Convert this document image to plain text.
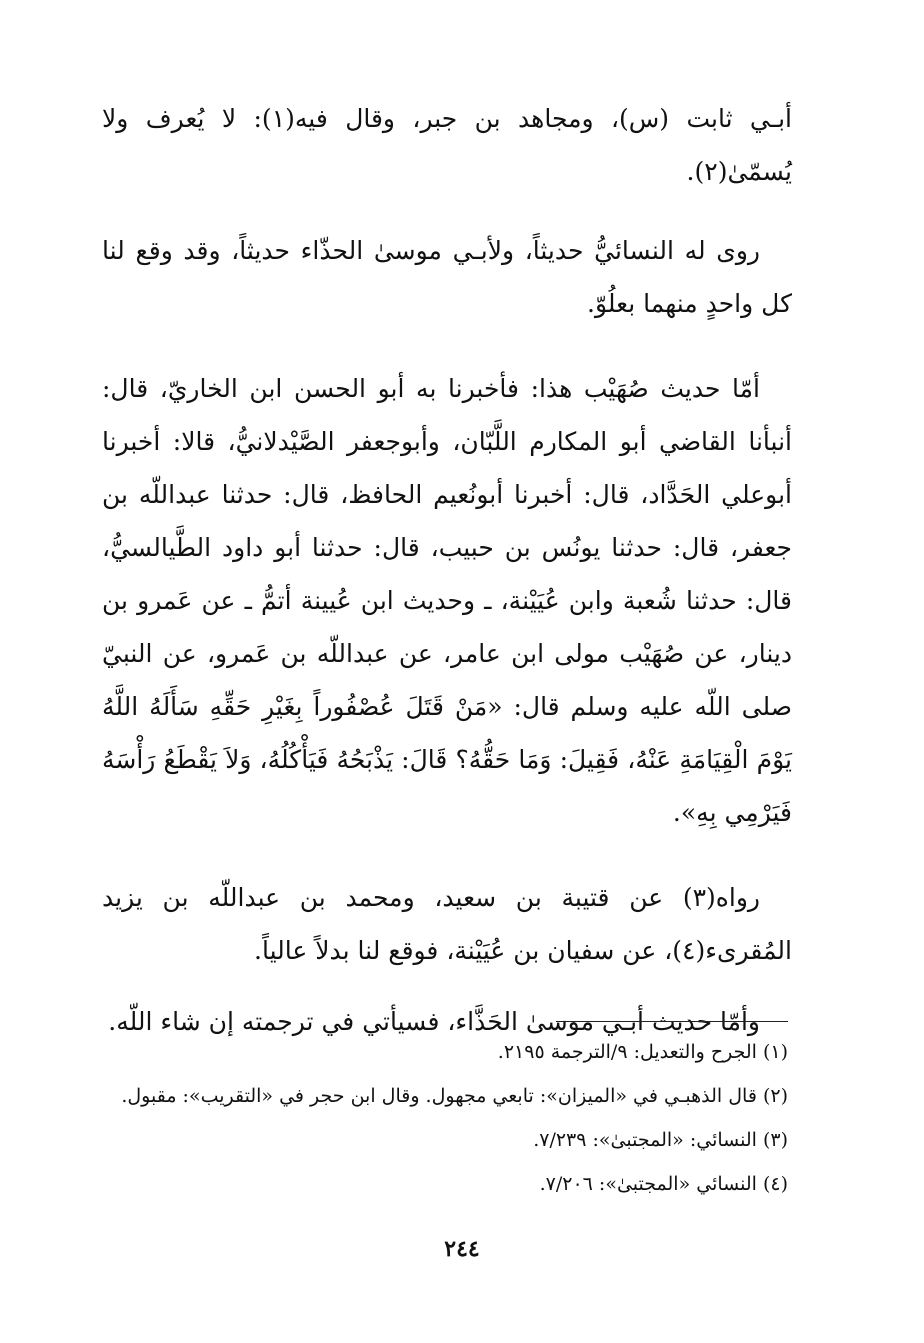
أبـي ثابت (س)، ومجاهد بن جبر، وقال فيه(١): لا يُعرف ولا يُسمّىٰ(٢).

روى له النسائيُّ حديثاً، ولأبـي موسىٰ الحذّاء حديثاً، وقد وقع لنا كل واحدٍ منهما بعلُوّ.

أمّا حديث صُهَيْب هذا: فأخبرنا به أبو الحسن ابن الخاريّ، قال: أنبأنا القاضي أبو المكارم اللَّبّان، وأبوجعفر الصَّيْدلانيُّ، قالا: أخبرنا أبوعلي الحَدَّاد، قال: أخبرنا أبونُعيم الحافظ، قال: حدثنا عبداللّه بن جعفر، قال: حدثنا يونُس بن حبيب، قال: حدثنا أبو داود الطَّيالسيُّ، قال: حدثنا شُعبة وابن عُيَيْنة، ـ وحديث ابن عُيينة أتمُّ ـ عن عَمرو بن دينار، عن صُهَيْب مولى ابن عامر، عن عبداللّه بن عَمرو، عن النبيّ صلى اللّه عليه وسلم قال: «مَنْ قَتَلَ عُصْفُوراً بِغَيْرِ حَقِّهِ سَأَلَهُ اللَّهُ يَوْمَ الْقِيَامَةِ عَنْهُ، فَقِيلَ: وَمَا حَقُّهُ؟ قَالَ: يَذْبَحُهُ فَيَأْكُلُهُ، وَلاَ يَقْطَعُ رَأْسَهُ فَيَرْمِي بِهِ».

رواه(٣) عن قتيبة بن سعيد، ومحمد بن عبداللّه بن يزيد المُقرىء(٤)، عن سفيان بن عُيَيْنة، فوقع لنا بدلاً عالياً.

وأمّا حديث أبـي موسىٰ الحَذَّاء، فسيأتي في ترجمته إن شاء اللّه.

(١) الجرح والتعديل: ٩/الترجمة ٢١٩٥.
(٢) قال الذهبـي في «الميزان»: تابعي مجهول. وقال ابن حجر في «التقريب»: مقبول.
(٣) النسائي: «المجتبىٰ»: ٧/٢٣٩.
(٤) النسائي «المجتبىٰ»: ٧/٢٠٦.
٢٤٤
